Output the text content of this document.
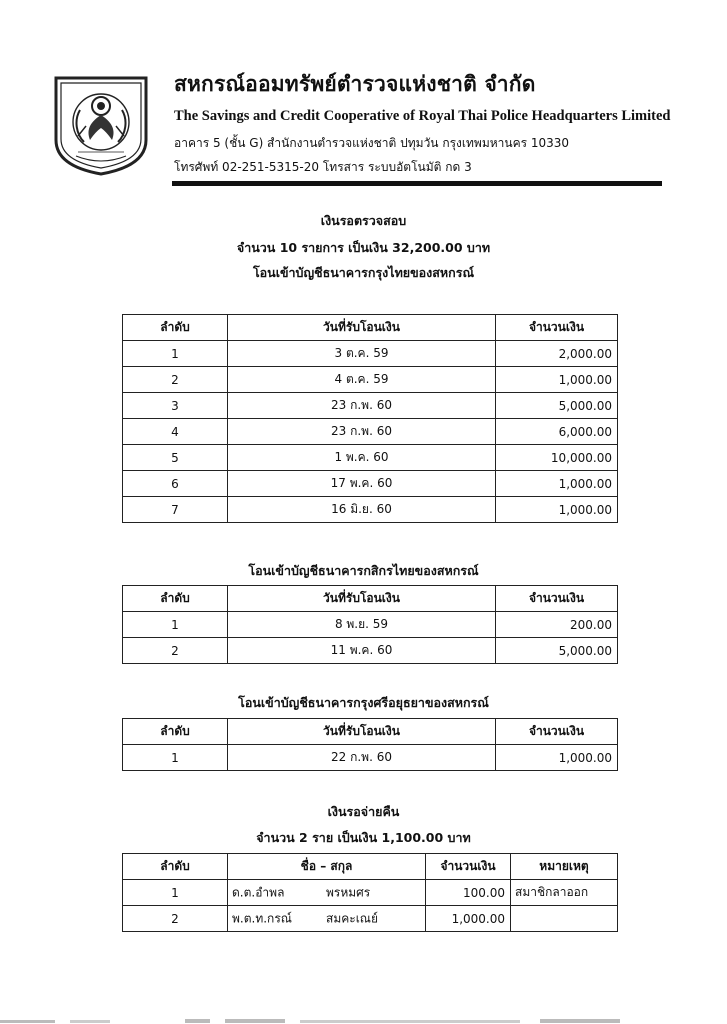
สหกรณ์ออมทรัพย์ตำรวจแห่งชาติ จำกัด
The Savings and Credit Cooperative of Royal Thai Police Headquarters Limited
อาคาร 5 (ชั้น G) สำนักงานตำรวจแห่งชาติ ปทุมวัน กรุงเทพมหานคร 10330
โทรศัพท์ 02-251-5315-20 โทรสาร ระบบอัตโนมัติ กด 3
เงินรอตรวจสอบ
จำนวน 10 รายการ เป็นเงิน 32,200.00 บาท
โอนเข้าบัญชีธนาคารกรุงไทยของสหกรณ์
ลำดับ	วันที่รับโอนเงิน	จำนวนเงิน
1	3 ต.ค. 59	2,000.00
2	4 ต.ค. 59	1,000.00
3	23 ก.พ. 60	5,000.00
4	23 ก.พ. 60	6,000.00
5	1 พ.ค. 60	10,000.00
6	17 พ.ค. 60	1,000.00
7	16 มิ.ย. 60	1,000.00
โอนเข้าบัญชีธนาคารกสิกรไทยของสหกรณ์
ลำดับ	วันที่รับโอนเงิน	จำนวนเงิน
1	8 พ.ย. 59	200.00
2	11 พ.ค. 60	5,000.00
โอนเข้าบัญชีธนาคารกรุงศรีอยุธยาของสหกรณ์
ลำดับ	วันที่รับโอนเงิน	จำนวนเงิน
1	22 ก.พ. 60	1,000.00
เงินรอจ่ายคืน
จำนวน 2 ราย เป็นเงิน 1,100.00 บาท
ลำดับ	ชื่อ – สกุล	จำนวนเงิน	หมายเหตุ
1	ด.ต.อำพล พรหมศร	100.00	สมาชิกลาออก
2	พ.ต.ท.กรณ์ สมคะเณย์	1,000.00	
